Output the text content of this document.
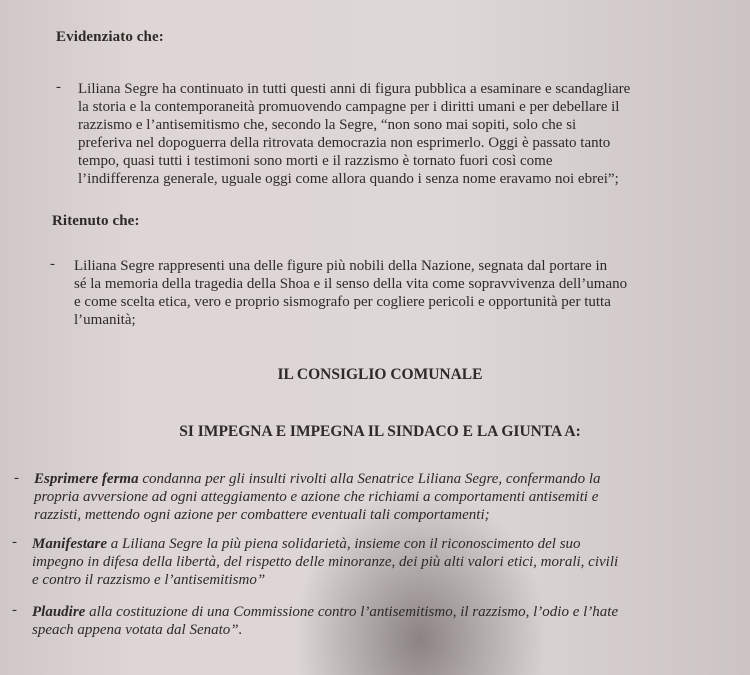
Evidenziato che:
- Liliana Segre ha continuato in tutti questi anni di figura pubblica a esaminare e scandagliare
la storia e la contemporaneità promuovendo campagne per i diritti umani e per debellare il
razzismo e l’antisemitismo che, secondo la Segre, “non sono mai sopiti, solo che si
preferiva nel dopoguerra della ritrovata democrazia non esprimerlo. Oggi è passato tanto
tempo, quasi tutti i testimoni sono morti e il razzismo è tornato fuori così come
l’indifferenza generale, uguale oggi come allora quando i senza nome eravamo noi ebrei”;
Ritenuto che:
- Liliana Segre rappresenti una delle figure più nobili della Nazione, segnata dal portare in
sé la memoria della tragedia della Shoa e il senso della vita come sopravvivenza dell’umano
e come scelta etica, vero e proprio sismografo per cogliere pericoli e opportunità per tutta
l’umanità;
IL CONSIGLIO COMUNALE
SI IMPEGNA E IMPEGNA IL SINDACO E LA GIUNTA A:
- Esprimere ferma condanna per gli insulti rivolti alla Senatrice Liliana Segre, confermando la
propria avversione ad ogni atteggiamento e azione che richiami a comportamenti antisemiti e
razzisti, mettendo ogni azione per combattere eventuali tali comportamenti;
- Manifestare a Liliana Segre la più piena solidarietà, insieme con il riconoscimento del suo
impegno in difesa della libertà, del rispetto delle minoranze, dei più alti valori etici, morali, civili
e contro il razzismo e l’antisemitismo”
- Plaudire alla costituzione di una Commissione contro l’antisemitismo, il razzismo, l’odio e l’hate
speach appena votata dal Senato”.
